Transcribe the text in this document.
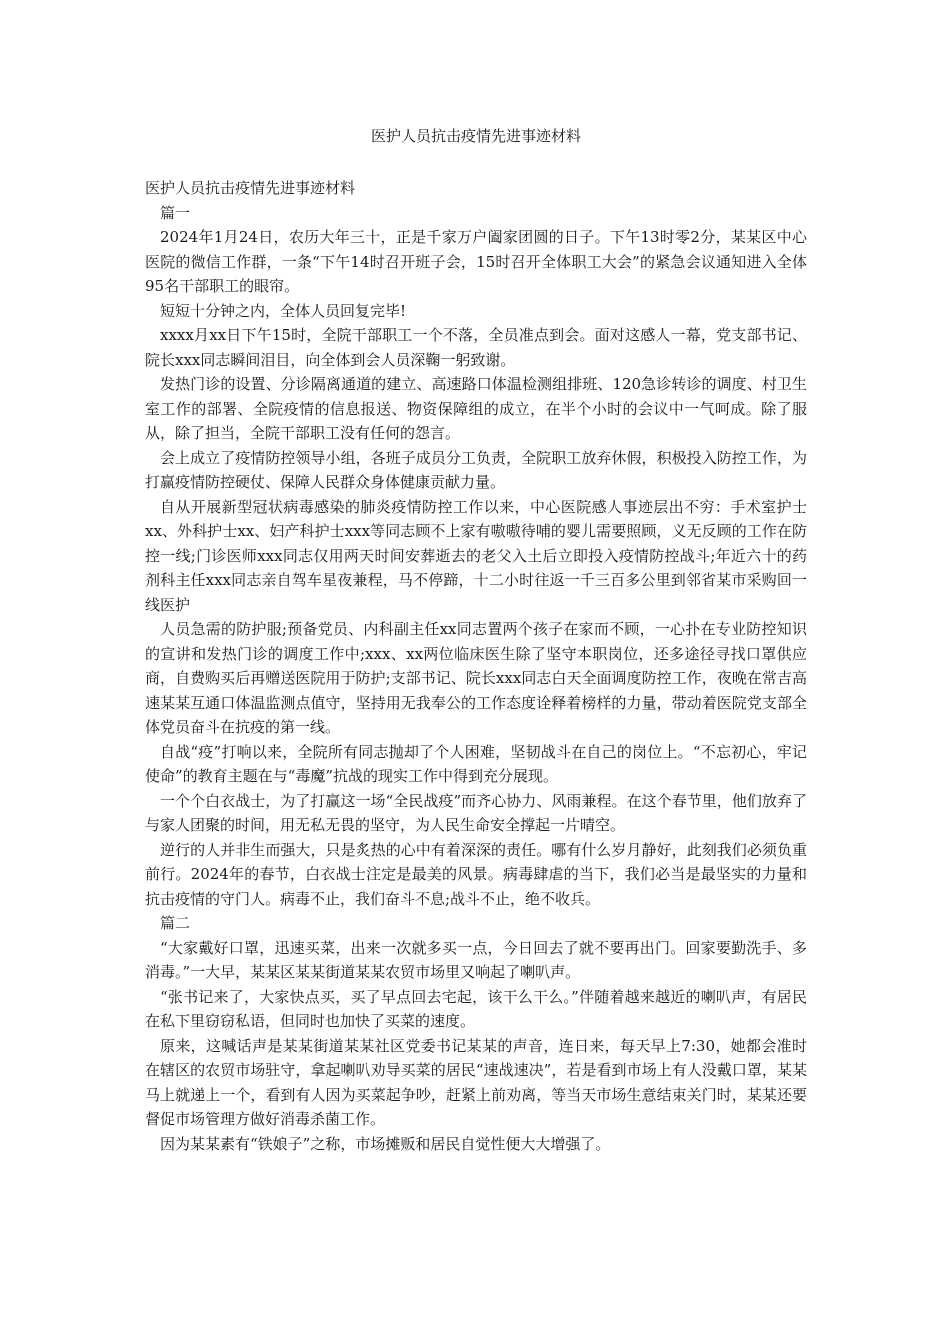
医护人员抗击疫情先进事迹材料

医护人员抗击疫情先进事迹材料

篇一

2024年1月24日，农历大年三十，正是千家万户阖家团圆的日子。下午13时零2分，某某区中心医院的微信工作群，一条“下午14时召开班子会，15时召开全体职工大会”的紧急会议通知进入全体95名干部职工的眼帘。

短短十分钟之内，全体人员回复完毕!

xxxx月xx日下午15时，全院干部职工一个不落，全员准点到会。面对这感人一幕，党支部书记、院长xxx同志瞬间泪目，向全体到会人员深鞠一躬致谢。

发热门诊的设置、分诊隔离通道的建立、高速路口体温检测组排班、120急诊转诊的调度、村卫生室工作的部署、全院疫情的信息报送、物资保障组的成立，在半个小时的会议中一气呵成。除了服从，除了担当，全院干部职工没有任何的怨言。

会上成立了疫情防控领导小组，各班子成员分工负责，全院职工放弃休假，积极投入防控工作，为打赢疫情防控硬仗、保障人民群众身体健康贡献力量。

自从开展新型冠状病毒感染的肺炎疫情防控工作以来，中心医院感人事迹层出不穷：手术室护士xx、外科护士xx、妇产科护士xxx等同志顾不上家有嗷嗷待哺的婴儿需要照顾，义无反顾的工作在防控一线;门诊医师xxx同志仅用两天时间安葬逝去的老父入土后立即投入疫情防控战斗;年近六十的药剂科主任xxx同志亲自驾车星夜兼程，马不停蹄，十二小时往返一千三百多公里到邻省某市采购回一线医护

人员急需的防护服;预备党员、内科副主任xx同志置两个孩子在家而不顾，一心扑在专业防控知识的宣讲和发热门诊的调度工作中;xxx、xx两位临床医生除了坚守本职岗位，还多途径寻找口罩供应商，自费购买后再赠送医院用于防护;支部书记、院长xxx同志白天全面调度防控工作，夜晚在常吉高速某某互通口体温监测点值守，坚持用无我奉公的工作态度诠释着榜样的力量，带动着医院党支部全体党员奋斗在抗疫的第一线。

自战“疫”打响以来，全院所有同志抛却了个人困难，坚韧战斗在自己的岗位上。“不忘初心，牢记使命”的教育主题在与“毒魔”抗战的现实工作中得到充分展现。

一个个白衣战士，为了打赢这一场“全民战疫”而齐心协力、风雨兼程。在这个春节里，他们放弃了与家人团聚的时间，用无私无畏的坚守，为人民生命安全撑起一片晴空。

逆行的人并非生而强大，只是炙热的心中有着深深的责任。哪有什么岁月静好，此刻我们必须负重前行。2024年的春节，白衣战士注定是最美的风景。病毒肆虐的当下，我们必当是最坚实的力量和抗击疫情的守门人。病毒不止，我们奋斗不息;战斗不止，绝不收兵。

篇二

“大家戴好口罩，迅速买菜，出来一次就多买一点，今日回去了就不要再出门。回家要勤洗手、多消毒。”一大早，某某区某某街道某某农贸市场里又响起了喇叭声。

“张书记来了，大家快点买，买了早点回去宅起，该干么干么。”伴随着越来越近的喇叭声，有居民在私下里窃窃私语，但同时也加快了买菜的速度。

原来，这喊话声是某某街道某某社区党委书记某某的声音，连日来，每天早上7:30，她都会准时在辖区的农贸市场驻守，拿起喇叭劝导买菜的居民“速战速决”，若是看到市场上有人没戴口罩，某某马上就递上一个，看到有人因为买菜起争吵，赶紧上前劝离，等当天市场生意结束关门时，某某还要督促市场管理方做好消毒杀菌工作。

因为某某素有“铁娘子”之称，市场摊贩和居民自觉性便大大增强了。
